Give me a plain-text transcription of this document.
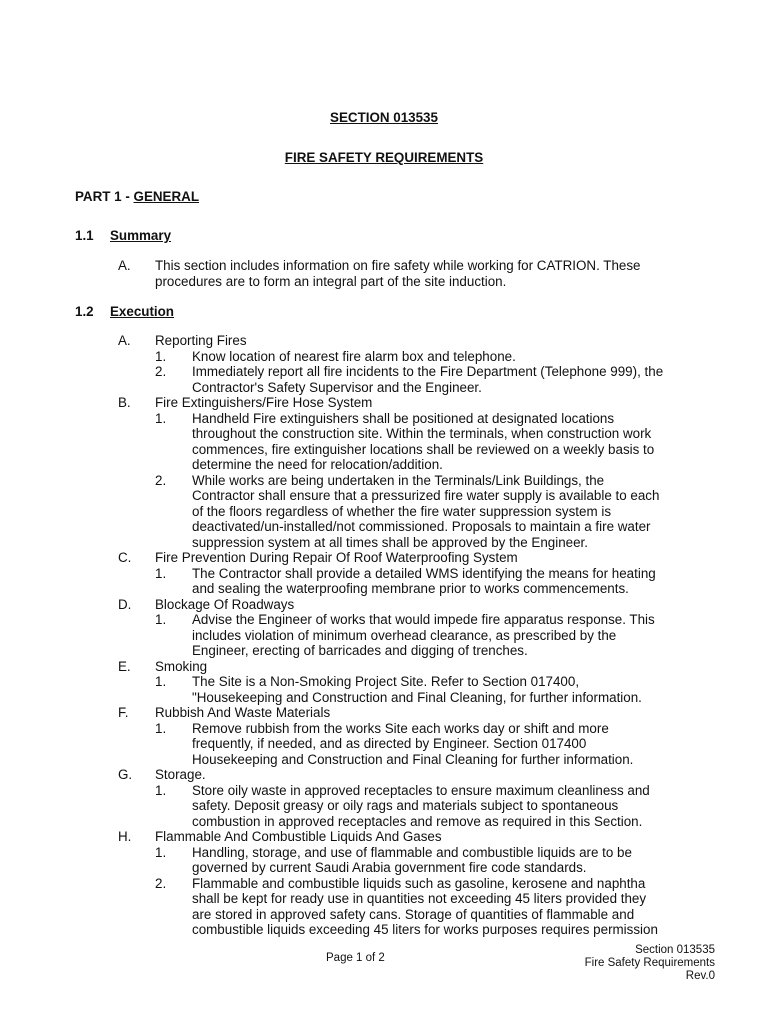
SECTION 013535
FIRE SAFETY REQUIREMENTS
PART 1 - GENERAL
1.1 Summary
A. This section includes information on fire safety while working for CATRION. These
procedures are to form an integral part of the site induction.
1.2 Execution
A. Reporting Fires
1. Know location of nearest fire alarm box and telephone.
2. Immediately report all fire incidents to the Fire Department (Telephone 999), the
Contractor's Safety Supervisor and the Engineer.
B. Fire Extinguishers/Fire Hose System
1. Handheld Fire extinguishers shall be positioned at designated locations
throughout the construction site. Within the terminals, when construction work
commences, fire extinguisher locations shall be reviewed on a weekly basis to
determine the need for relocation/addition.
2. While works are being undertaken in the Terminals/Link Buildings, the
Contractor shall ensure that a pressurized fire water supply is available to each
of the floors regardless of whether the fire water suppression system is
deactivated/un-installed/not commissioned. Proposals to maintain a fire water
suppression system at all times shall be approved by the Engineer.
C. Fire Prevention During Repair Of Roof Waterproofing System
1. The Contractor shall provide a detailed WMS identifying the means for heating
and sealing the waterproofing membrane prior to works commencements.
D. Blockage Of Roadways
1. Advise the Engineer of works that would impede fire apparatus response. This
includes violation of minimum overhead clearance, as prescribed by the
Engineer, erecting of barricades and digging of trenches.
E. Smoking
1. The Site is a Non-Smoking Project Site. Refer to Section 017400,
"Housekeeping and Construction and Final Cleaning, for further information.
F. Rubbish And Waste Materials
1. Remove rubbish from the works Site each works day or shift and more
frequently, if needed, and as directed by Engineer. Section 017400
Housekeeping and Construction and Final Cleaning for further information.
G. Storage.
1. Store oily waste in approved receptacles to ensure maximum cleanliness and
safety. Deposit greasy or oily rags and materials subject to spontaneous
combustion in approved receptacles and remove as required in this Section.
H. Flammable And Combustible Liquids And Gases
1. Handling, storage, and use of flammable and combustible liquids are to be
governed by current Saudi Arabia government fire code standards.
2. Flammable and combustible liquids such as gasoline, kerosene and naphtha
shall be kept for ready use in quantities not exceeding 45 liters provided they
are stored in approved safety cans. Storage of quantities of flammable and
combustible liquids exceeding 45 liters for works purposes requires permission
Page 1 of 2
Section 013535
Fire Safety Requirements
Rev.0
